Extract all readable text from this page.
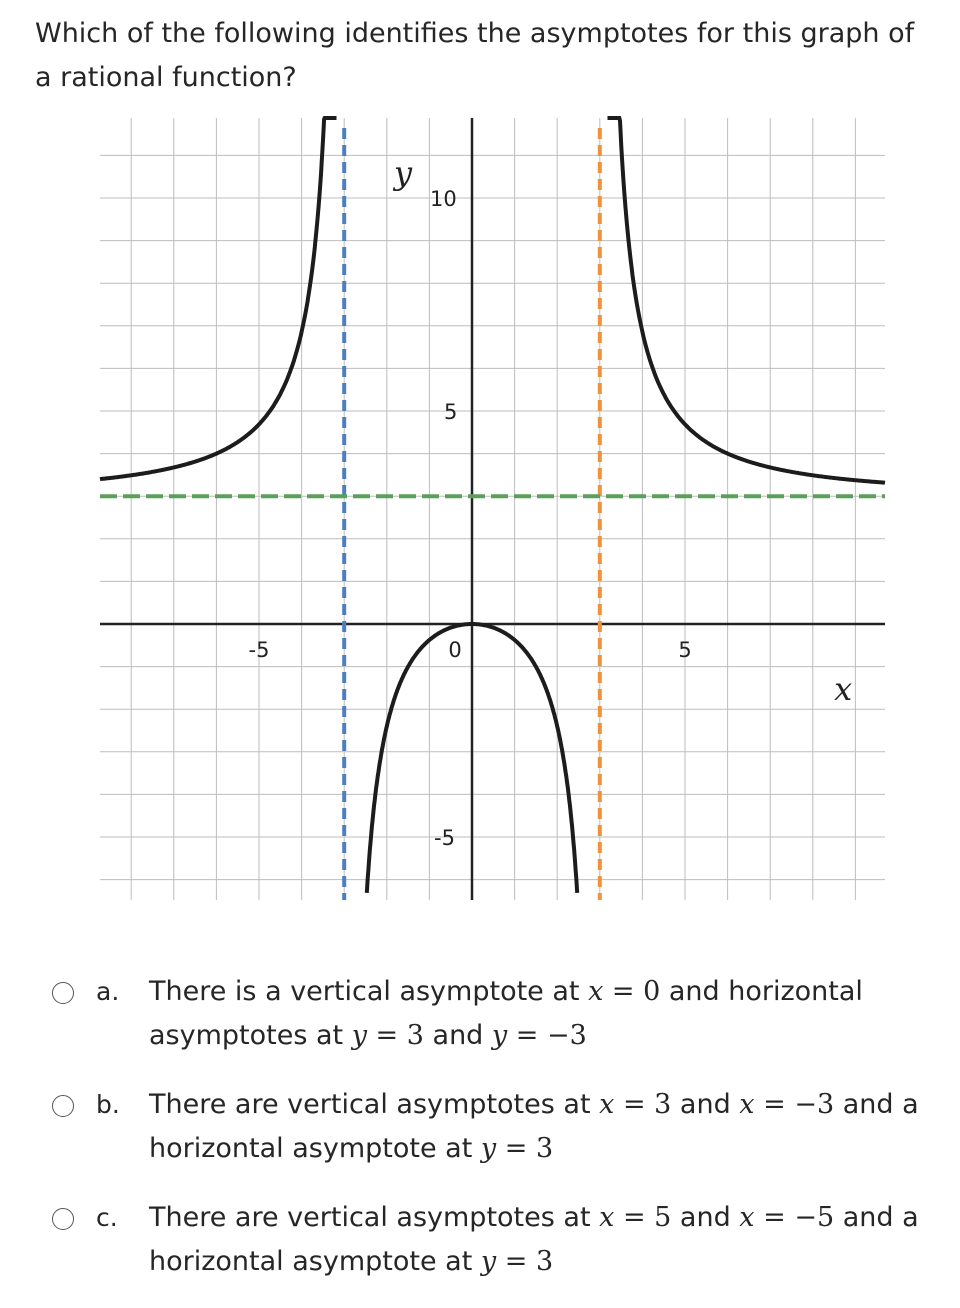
Which of the following identifies the asymptotes for this graph of a rational function?
-5	5
0
10
5
-5
y
x
a. There is a vertical asymptote at x = 0 and horizontal asymptotes at y = 3 and y = −3
b. There are vertical asymptotes at x = 3 and x = −3 and a horizontal asymptote at y = 3
c. There are vertical asymptotes at x = 5 and x = −5 and a horizontal asymptote at y = 3
